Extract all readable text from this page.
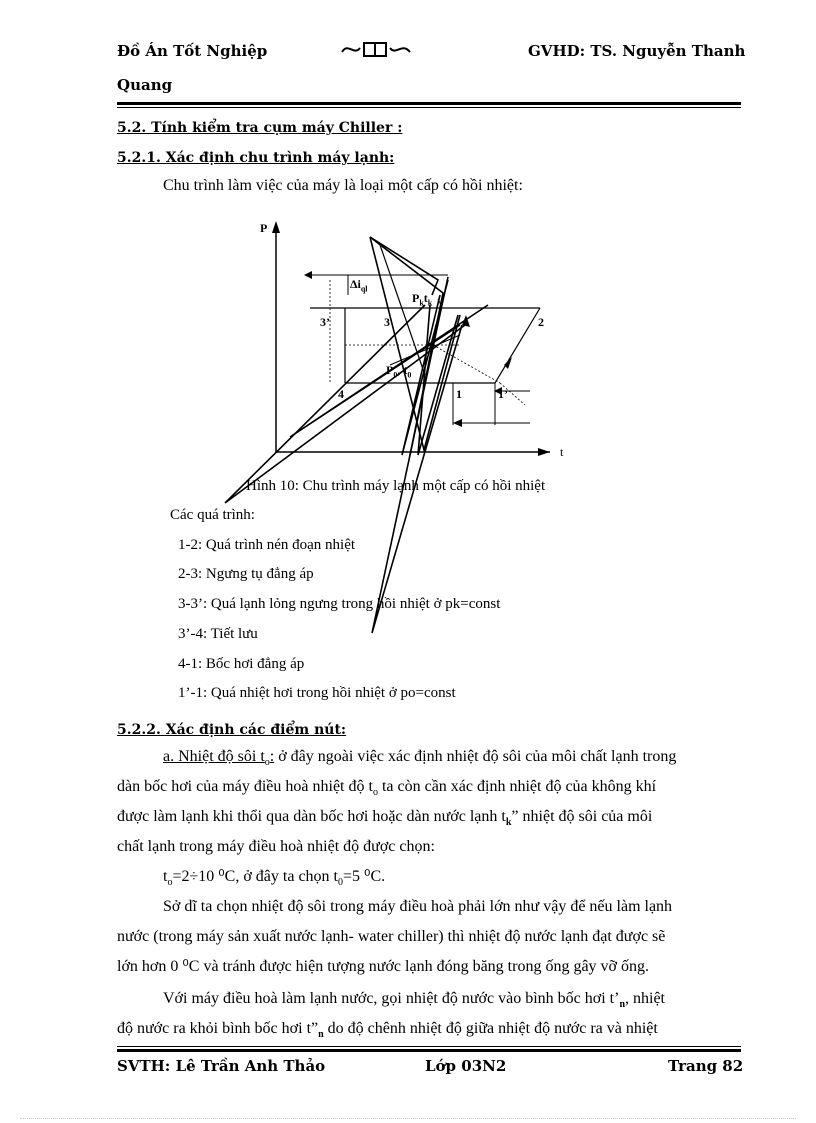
Đồ Án Tốt Nghiệp	GVHD: TS. Nguyễn Thanh
Quang
5.2. Tính kiểm tra cụm máy Chiller :
5.2.1. Xác định chu trình máy lạnh:
Chu trình làm việc của máy là loại một cấp có hồi nhiệt:
P
t
$\Delta i_{ql}$
$P_kt_k$
$P_0$, $t_0$
3’	3	2
1	1’
4
Hình 10: Chu trình máy lạnh một cấp có hồi nhiệt
Các quá trình:
1-2: Quá trình nén đoạn nhiệt
2-3: Ngưng tụ đẳng áp
3-3’: Quá lạnh lỏng ngưng trong hồi nhiệt ở pk=const
3’-4: Tiết lưu
4-1: Bốc hơi đẳng áp
1’-1: Quá nhiệt hơi trong hồi nhiệt ở po=const
5.2.2. Xác định các điểm nút:
a. Nhiệt độ sôi $t_o$: ở đây ngoài việc xác định nhiệt độ sôi của môi chất lạnh trong
dàn bốc hơi của máy điều hoà nhiệt độ $t_o$ ta còn cần xác định nhiệt độ của không khí
được làm lạnh khi thổi qua dàn bốc hơi hoặc dàn nước lạnh $t_k$” nhiệt độ sôi của môi
chất lạnh trong máy điều hoà nhiệt độ được chọn:
$t_o=2\div 10$ ⁰C, ở đây ta chọn $t_0=5$ ⁰C.
Sở dĩ ta chọn nhiệt độ sôi trong máy điều hoà phải lớn như vậy để nếu làm lạnh
nước (trong máy sản xuất nước lạnh- water chiller) thì nhiệt độ nước lạnh đạt được sẽ
lớn hơn 0 ⁰C và tránh được hiện tượng nước lạnh đóng băng trong ống gây vỡ ống.
Với máy điều hoà làm lạnh nước, gọi nhiệt độ nước vào bình bốc hơi $t’_n$, nhiệt
độ nước ra khỏi bình bốc hơi $t”_n$ do độ chênh nhiệt độ giữa nhiệt độ nước ra và nhiệt
SVTH: Lê Trần Anh Thảo	Lớp 03N2	Trang 82
